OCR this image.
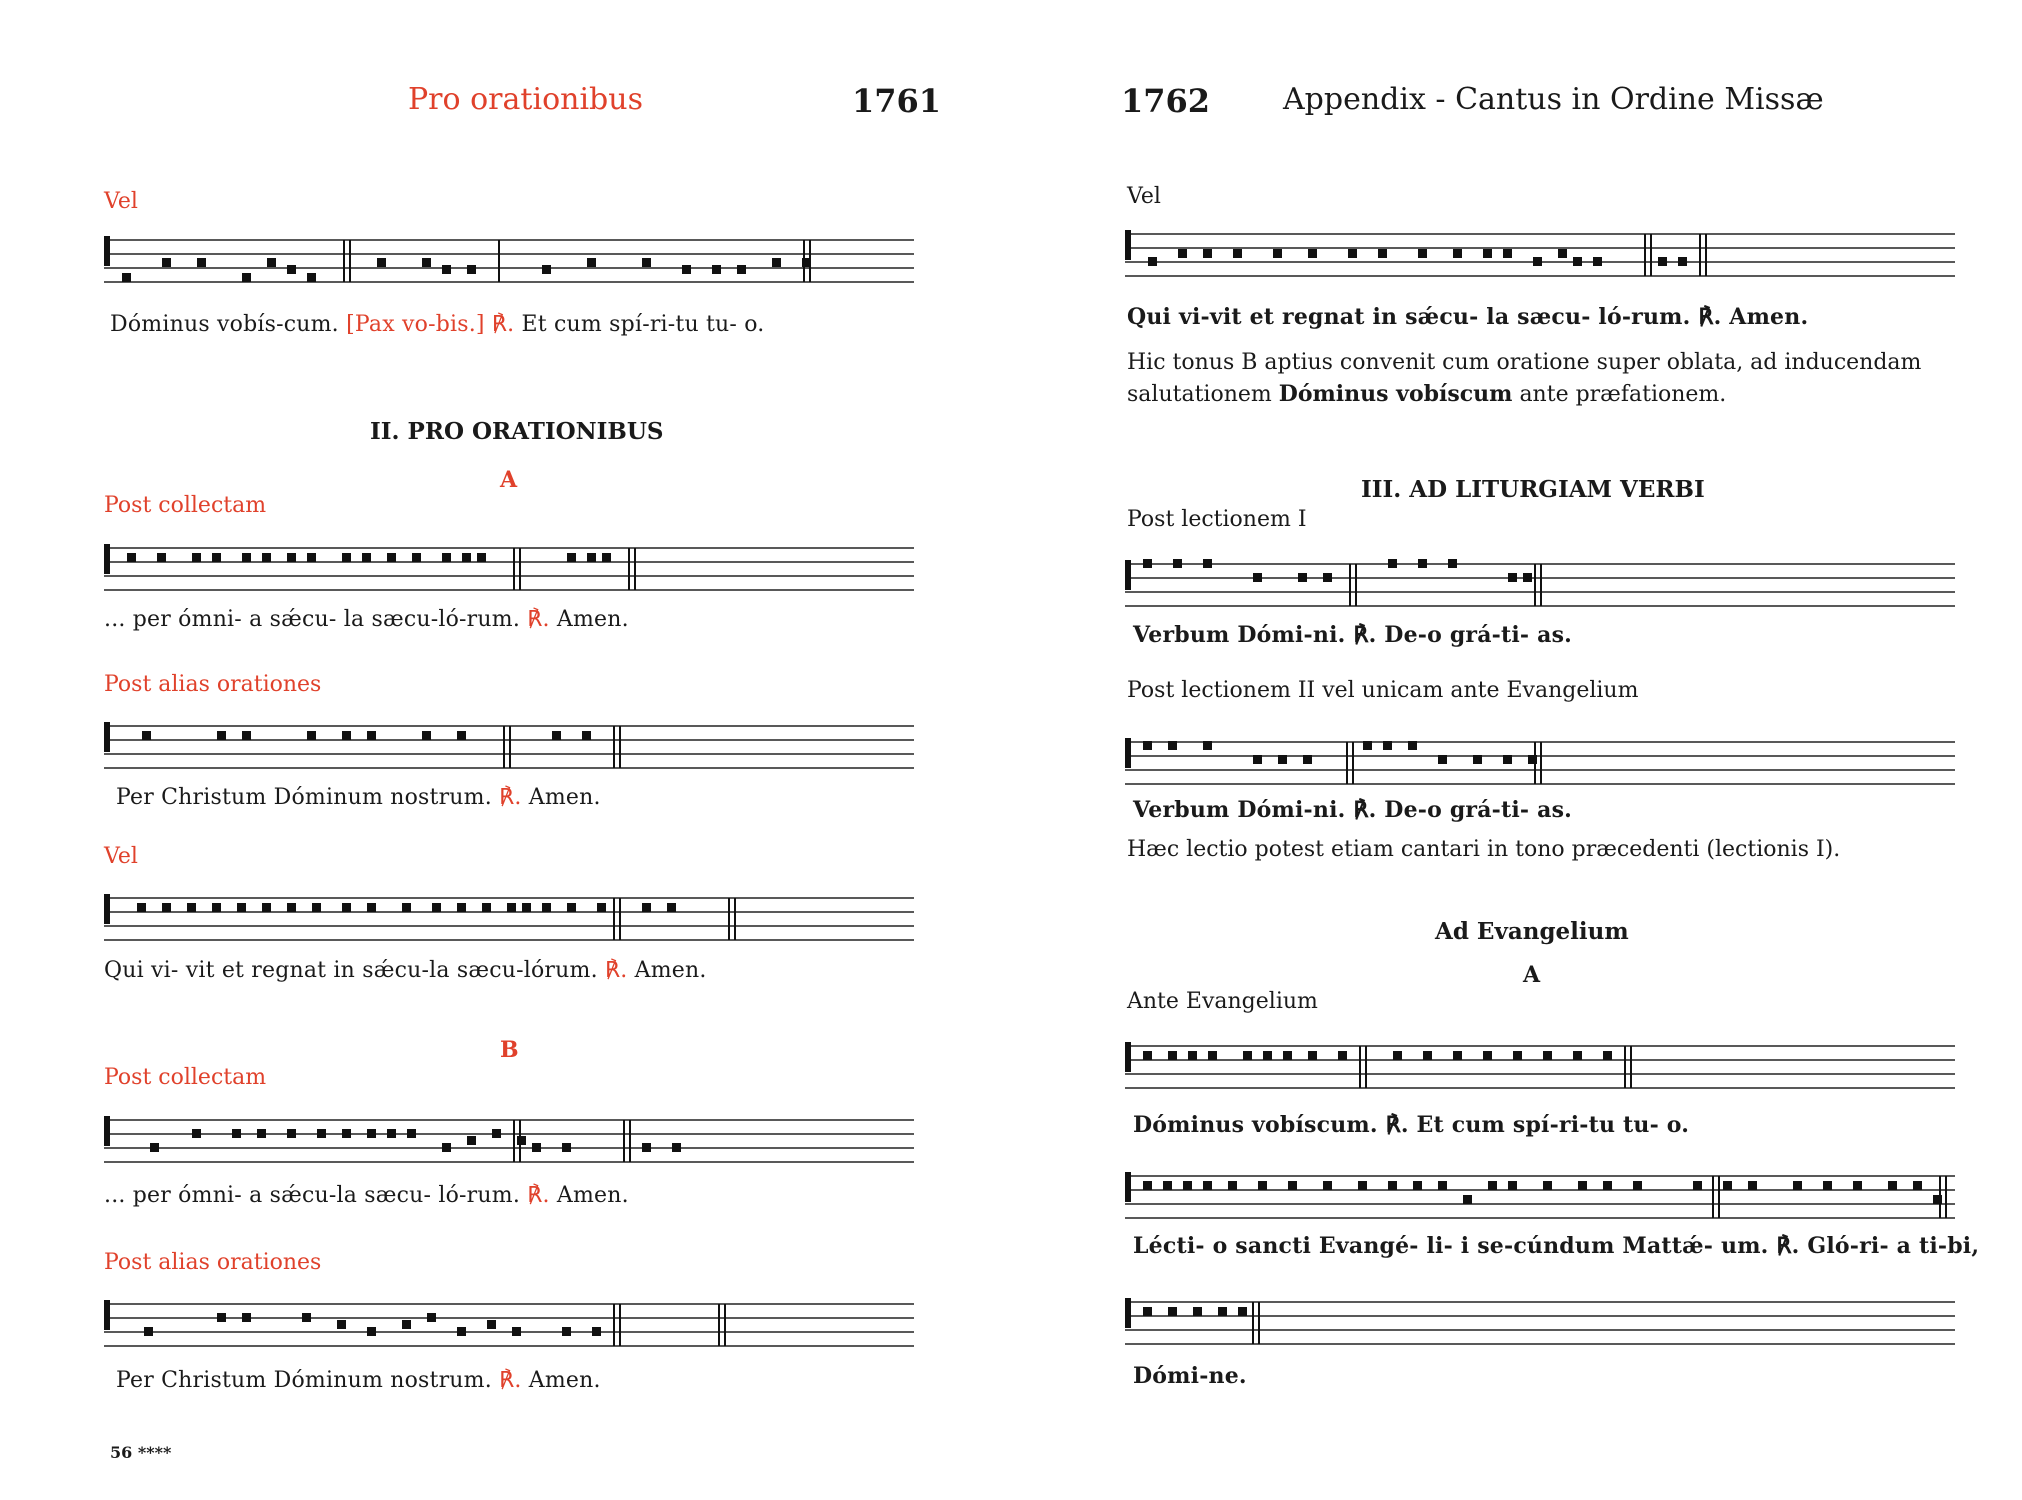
Pro orationibus	1761
Vel
Dóminus vobís-cum. [Pax vo-bis.] ℟. Et cum spí-ri-tu tu- o.
II. PRO ORATIONIBUS
A
Post collectam
... per ómni- a sǽcu- la sæcu-ló-rum. ℟. Amen.
Post alias orationes
Per Christum Dóminum nostrum. ℟. Amen.
Vel
Qui vi- vit et regnat in sǽcu-la sæcu-lórum. ℟. Amen.
B
Post collectam
... per ómni- a sǽcu-la sæcu- ló-rum. ℟. Amen.
Post alias orationes
Per Christum Dóminum nostrum. ℟. Amen.
56 ****
1762 Appendix - Cantus in Ordine Missæ
Vel
Qui vi-vit et regnat in sǽcu- la sæcu- ló-rum. ℟. Amen.
Hic tonus B aptius convenit cum oratione super oblata, ad inducendam
salutationem Dóminus vobíscum ante præfationem.
III. AD LITURGIAM VERBI
Post lectionem I
Verbum Dómi-ni. ℟. De-o grá-ti- as.
Post lectionem II vel unicam ante Evangelium
Verbum Dómi-ni. ℟. De-o grá-ti- as.
Hæc lectio potest etiam cantari in tono præcedenti (lectionis I).
Ad Evangelium
A
Ante Evangelium
Dóminus vobíscum. ℟. Et cum spí-ri-tu tu- o.
Lécti- o sancti Evangé- li- i se-cúndum Mattǽ- um. ℟. Gló-ri- a ti-bi,
Dómi-ne.
